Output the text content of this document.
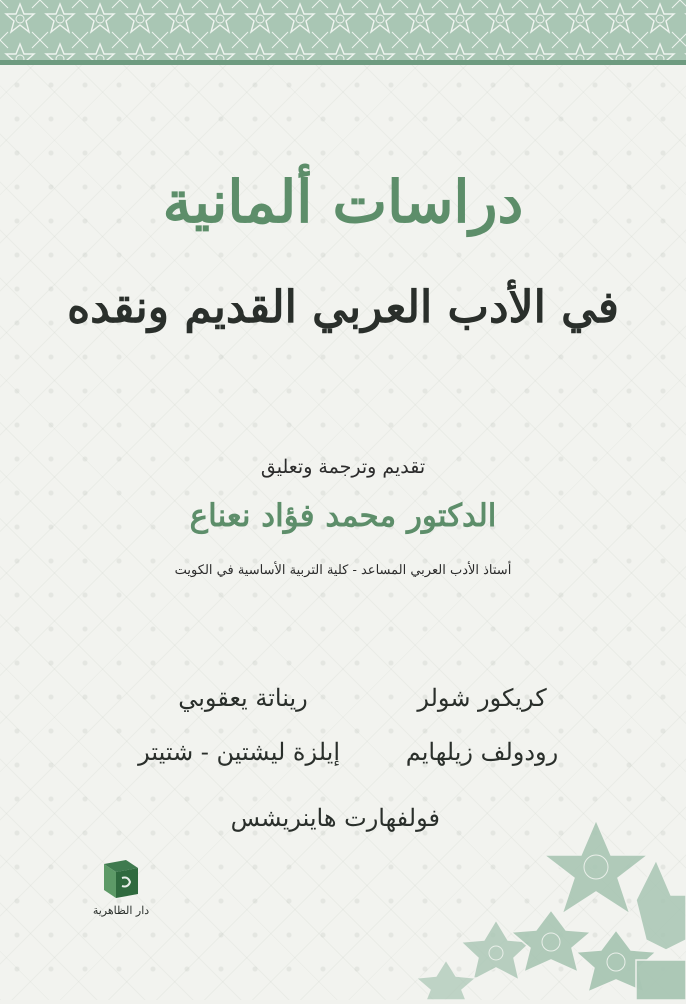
دراسات ألمانية
في الأدب العربي القديم ونقده
تقديم وترجمة وتعليق
الدكتور محمد فؤاد نعناع
أستاذ الأدب العربي المساعد - كلية التربية الأساسية في الكويت
كريكور شولر
ريناتة يعقوبي
رودولف زيلهايم
إيلزة ليشتين - شتيتر
فولفهارت هاينريشس
دار الظاهرية
